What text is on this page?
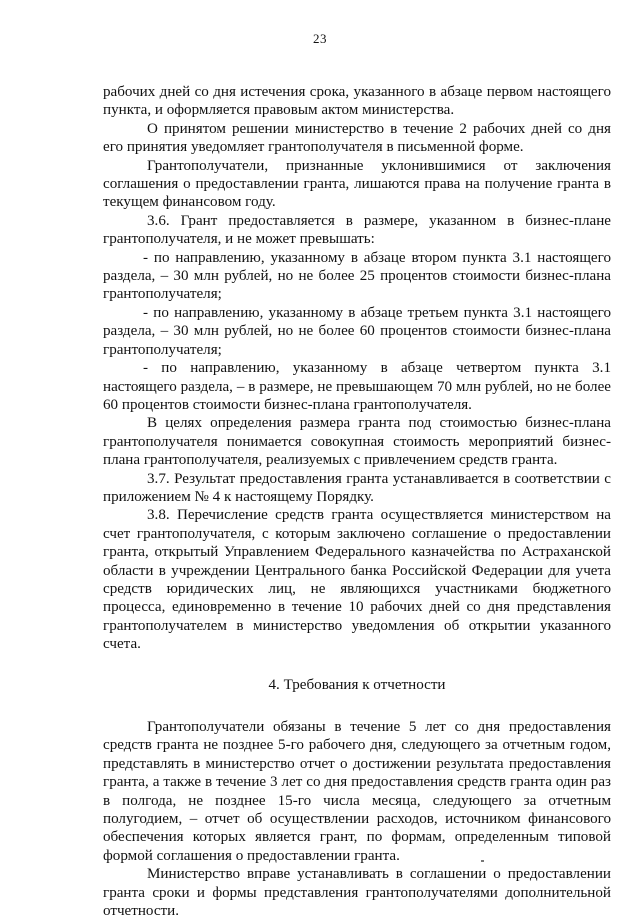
23

рабочих дней со дня истечения срока, указанного в абзаце первом настоящего пункта, и оформляется правовым актом министерства.

О принятом решении министерство в течение 2 рабочих дней со дня его принятия уведомляет грантополучателя в письменной форме.

Грантополучатели, признанные уклонившимися от заключения соглашения о предоставлении гранта, лишаются права на получение гранта в текущем финансовом году.

3.6. Грант предоставляется в размере, указанном в бизнес-плане грантополучателя, и не может превышать:

- по направлению, указанному в абзаце втором пункта 3.1 настоящего раздела, – 30 млн рублей, но не более 25 процентов стоимости бизнес-плана грантополучателя;

- по направлению, указанному в абзаце третьем пункта 3.1 настоящего раздела, – 30 млн рублей, но не более 60 процентов стоимости бизнес-плана грантополучателя;

- по направлению, указанному в абзаце четвертом пункта 3.1 настоящего раздела, – в размере, не превышающем 70 млн рублей, но не более 60 процентов стоимости бизнес-плана грантополучателя.

В целях определения размера гранта под стоимостью бизнес-плана грантополучателя понимается совокупная стоимость мероприятий бизнес-плана грантополучателя, реализуемых с привлечением средств гранта.

3.7. Результат предоставления гранта устанавливается в соответствии с приложением № 4 к настоящему Порядку.

3.8. Перечисление средств гранта осуществляется министерством на счет грантополучателя, с которым заключено соглашение о предоставлении гранта, открытый Управлением Федерального казначейства по Астраханской области в учреждении Центрального банка Российской Федерации для учета средств юридических лиц, не являющихся участниками бюджетного процесса, единовременно в течение 10 рабочих дней со дня представления грантополучателем в министерство уведомления об открытии указанного счета.

4. Требования к отчетности

Грантополучатели обязаны в течение 5 лет со дня предоставления средств гранта не позднее 5-го рабочего дня, следующего за отчетным годом, представлять в министерство отчет о достижении результата предоставления гранта, а также в течение 3 лет со дня предоставления средств гранта один раз в полгода, не позднее 15-го числа месяца, следующего за отчетным полугодием, – отчет об осуществлении расходов, источником финансового обеспечения которых является грант, по формам, определенным типовой формой соглашения о предоставлении гранта.

Министерство вправе устанавливать в соглашении о предоставлении гранта сроки и формы представления грантополучателями дополнительной отчетности.
